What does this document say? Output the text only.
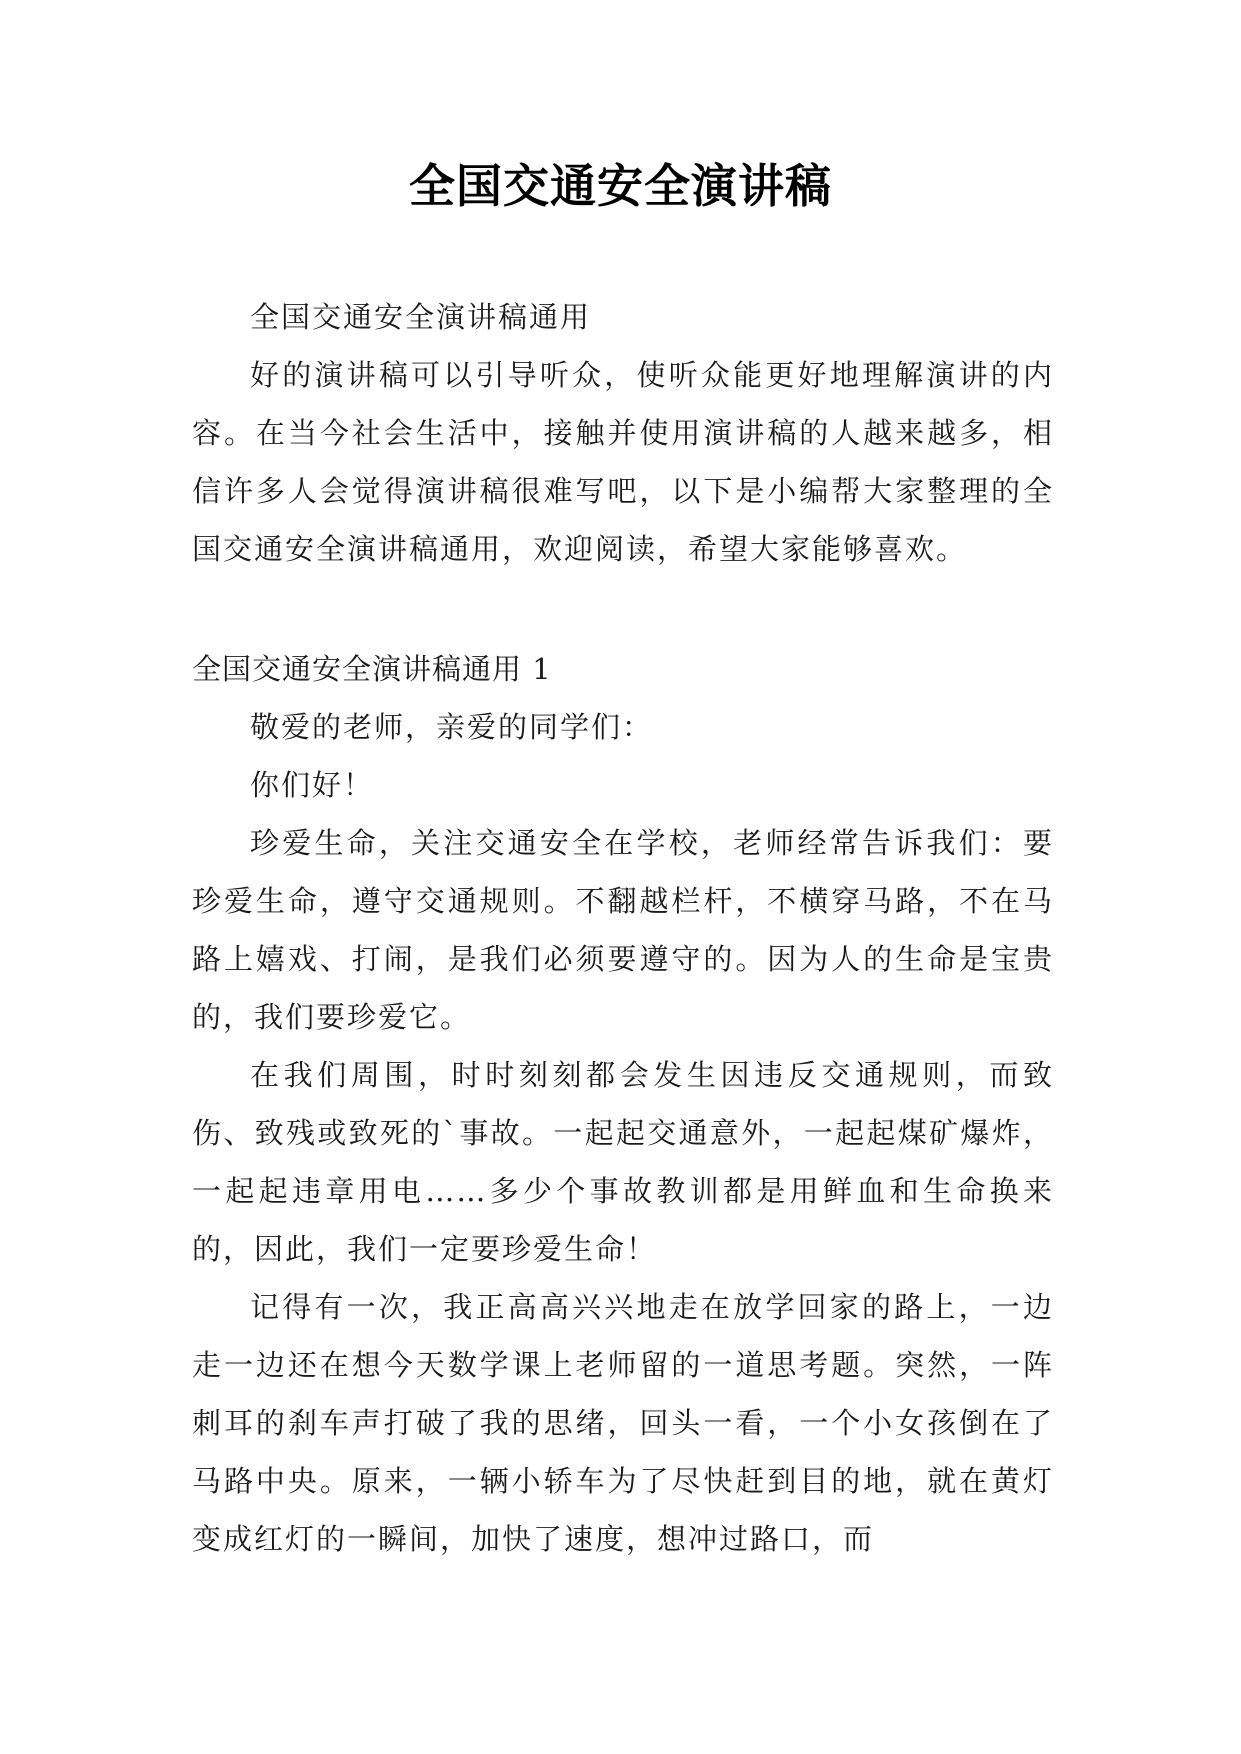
全国交通安全演讲稿

全国交通安全演讲稿通用

好的演讲稿可以引导听众，使听众能更好地理解演讲的内容。在当今社会生活中，接触并使用演讲稿的人越来越多，相信许多人会觉得演讲稿很难写吧，以下是小编帮大家整理的全国交通安全演讲稿通用，欢迎阅读，希望大家能够喜欢。

全国交通安全演讲稿通用 1

敬爱的老师，亲爱的同学们：

你们好！

珍爱生命，关注交通安全在学校，老师经常告诉我们：要珍爱生命，遵守交通规则。不翻越栏杆，不横穿马路，不在马路上嬉戏、打闹，是我们必须要遵守的。因为人的生命是宝贵的，我们要珍爱它。

在我们周围，时时刻刻都会发生因违反交通规则，而致伤、致残或致死的`事故。一起起交通意外，一起起煤矿爆炸，一起起违章用电……多少个事故教训都是用鲜血和生命换来的，因此，我们一定要珍爱生命！

记得有一次，我正高高兴兴地走在放学回家的路上，一边走一边还在想今天数学课上老师留的一道思考题。突然，一阵刺耳的刹车声打破了我的思绪，回头一看，一个小女孩倒在了马路中央。原来，一辆小轿车为了尽快赶到目的地，就在黄灯变成红灯的一瞬间，加快了速度，想冲过路口，而
